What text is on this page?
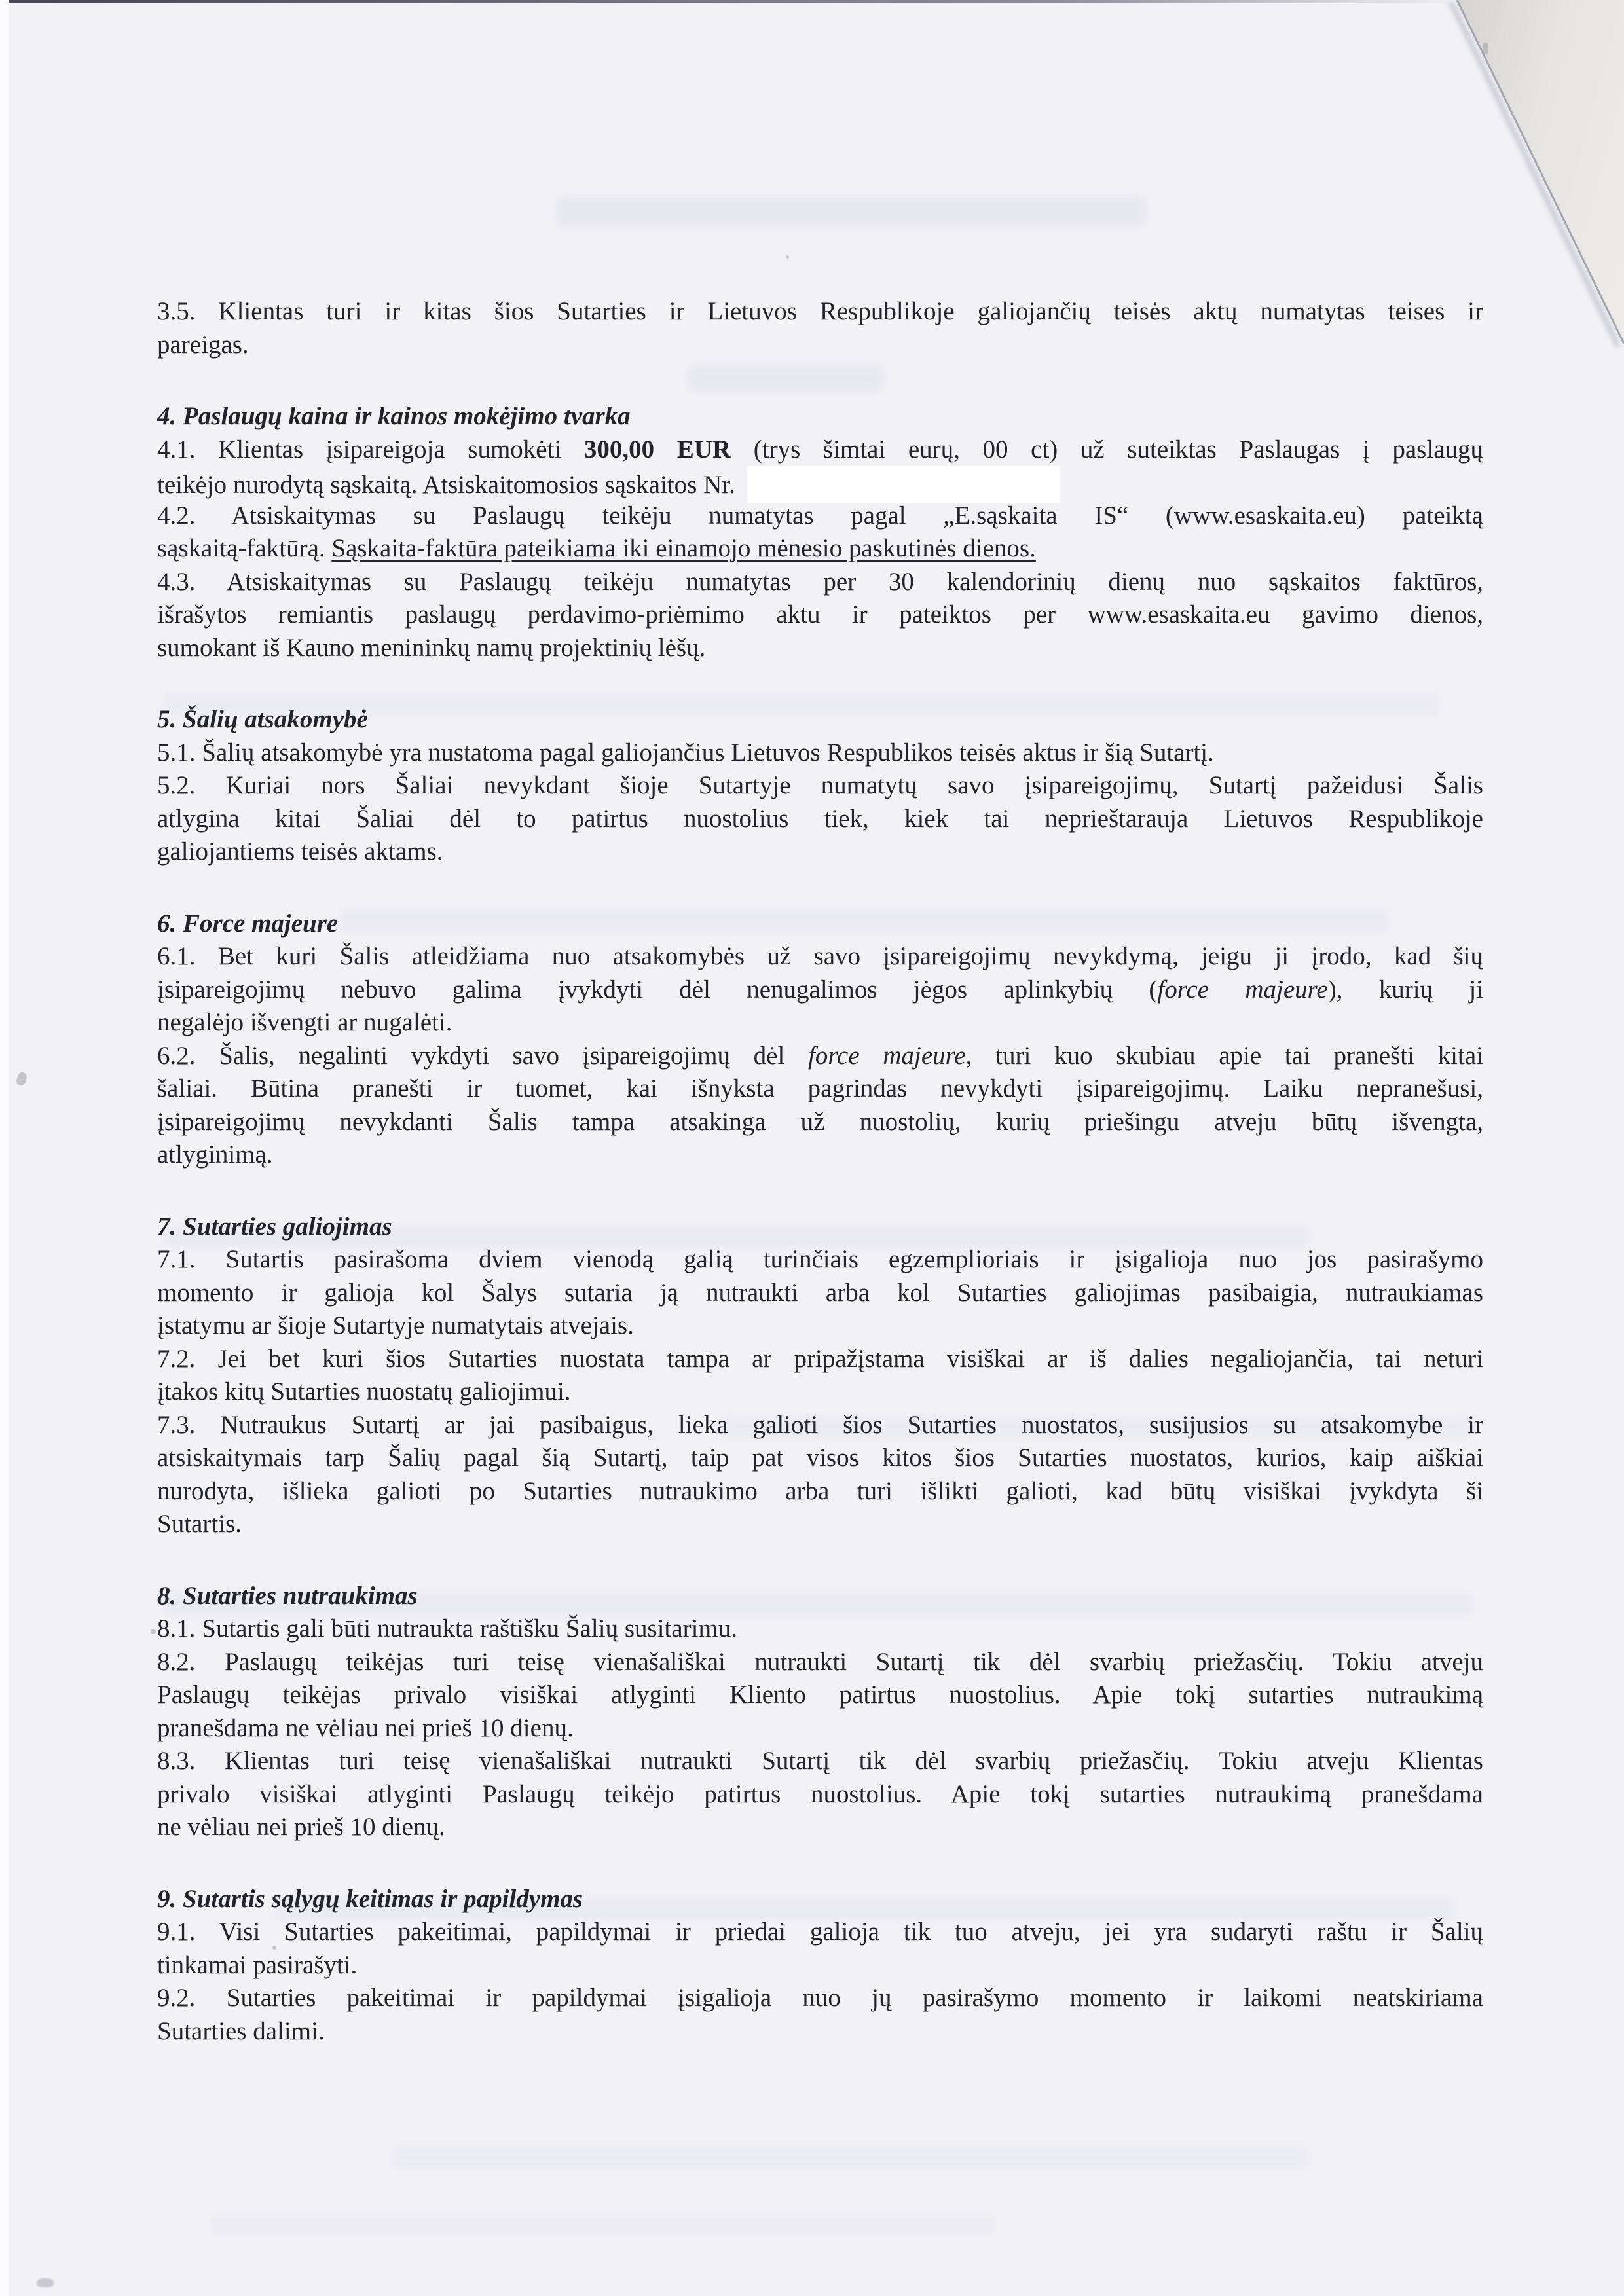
3.5. Klientas turi ir kitas šios Sutarties ir Lietuvos Respublikoje galiojančių teisės aktų numatytas teises ir
pareigas.
4. Paslaugų kaina ir kainos mokėjimo tvarka
4.1. Klientas įsipareigoja sumokėti 300,00 EUR (trys šimtai eurų, 00 ct) už suteiktas Paslaugas į paslaugų
teikėjo nurodytą sąskaitą. Atsiskaitomosios sąskaitos Nr.
4.2. Atsiskaitymas su Paslaugų teikėju numatytas pagal „E.sąskaita IS“ (www.esaskaita.eu) pateiktą
sąskaitą-faktūrą. Sąskaita-faktūra pateikiama iki einamojo mėnesio paskutinės dienos.
4.3. Atsiskaitymas su Paslaugų teikėju numatytas per 30 kalendorinių dienų nuo sąskaitos faktūros,
išrašytos remiantis paslaugų perdavimo-priėmimo aktu ir pateiktos per www.esaskaita.eu gavimo dienos,
sumokant iš Kauno menininkų namų projektinių lėšų.
5. Šalių atsakomybė
5.1. Šalių atsakomybė yra nustatoma pagal galiojančius Lietuvos Respublikos teisės aktus ir šią Sutartį.
5.2. Kuriai nors Šaliai nevykdant šioje Sutartyje numatytų savo įsipareigojimų, Sutartį pažeidusi Šalis
atlygina kitai Šaliai dėl to patirtus nuostolius tiek, kiek tai neprieštarauja Lietuvos Respublikoje
galiojantiems teisės aktams.
6. Force majeure
6.1. Bet kuri Šalis atleidžiama nuo atsakomybės už savo įsipareigojimų nevykdymą, jeigu ji įrodo, kad šių
įsipareigojimų nebuvo galima įvykdyti dėl nenugalimos jėgos aplinkybių (force majeure), kurių ji
negalėjo išvengti ar nugalėti.
6.2. Šalis, negalinti vykdyti savo įsipareigojimų dėl force majeure, turi kuo skubiau apie tai pranešti kitai
šaliai. Būtina pranešti ir tuomet, kai išnyksta pagrindas nevykdyti įsipareigojimų. Laiku nepranešusi,
įsipareigojimų nevykdanti Šalis tampa atsakinga už nuostolių, kurių priešingu atveju būtų išvengta,
atlyginimą.
7. Sutarties galiojimas
7.1. Sutartis pasirašoma dviem vienodą galią turinčiais egzemplioriais ir įsigalioja nuo jos pasirašymo
momento ir galioja kol Šalys sutaria ją nutraukti arba kol Sutarties galiojimas pasibaigia, nutraukiamas
įstatymu ar šioje Sutartyje numatytais atvejais.
7.2. Jei bet kuri šios Sutarties nuostata tampa ar pripažįstama visiškai ar iš dalies negaliojančia, tai neturi
įtakos kitų Sutarties nuostatų galiojimui.
7.3. Nutraukus Sutartį ar jai pasibaigus, lieka galioti šios Sutarties nuostatos, susijusios su atsakomybe ir
atsiskaitymais tarp Šalių pagal šią Sutartį, taip pat visos kitos šios Sutarties nuostatos, kurios, kaip aiškiai
nurodyta, išlieka galioti po Sutarties nutraukimo arba turi išlikti galioti, kad būtų visiškai įvykdyta ši
Sutartis.
8. Sutarties nutraukimas
8.1. Sutartis gali būti nutraukta raštišku Šalių susitarimu.
8.2. Paslaugų teikėjas turi teisę vienašališkai nutraukti Sutartį tik dėl svarbių priežasčių. Tokiu atveju
Paslaugų teikėjas privalo visiškai atlyginti Kliento patirtus nuostolius. Apie tokį sutarties nutraukimą
pranešdama ne vėliau nei prieš 10 dienų.
8.3. Klientas turi teisę vienašališkai nutraukti Sutartį tik dėl svarbių priežasčių. Tokiu atveju Klientas
privalo visiškai atlyginti Paslaugų teikėjo patirtus nuostolius. Apie tokį sutarties nutraukimą pranešdama
ne vėliau nei prieš 10 dienų.
9. Sutartis sąlygų keitimas ir papildymas
9.1. Visi Sutarties pakeitimai, papildymai ir priedai galioja tik tuo atveju, jei yra sudaryti raštu ir Šalių
tinkamai pasirašyti.
9.2. Sutarties pakeitimai ir papildymai įsigalioja nuo jų pasirašymo momento ir laikomi neatskiriama
Sutarties dalimi.
